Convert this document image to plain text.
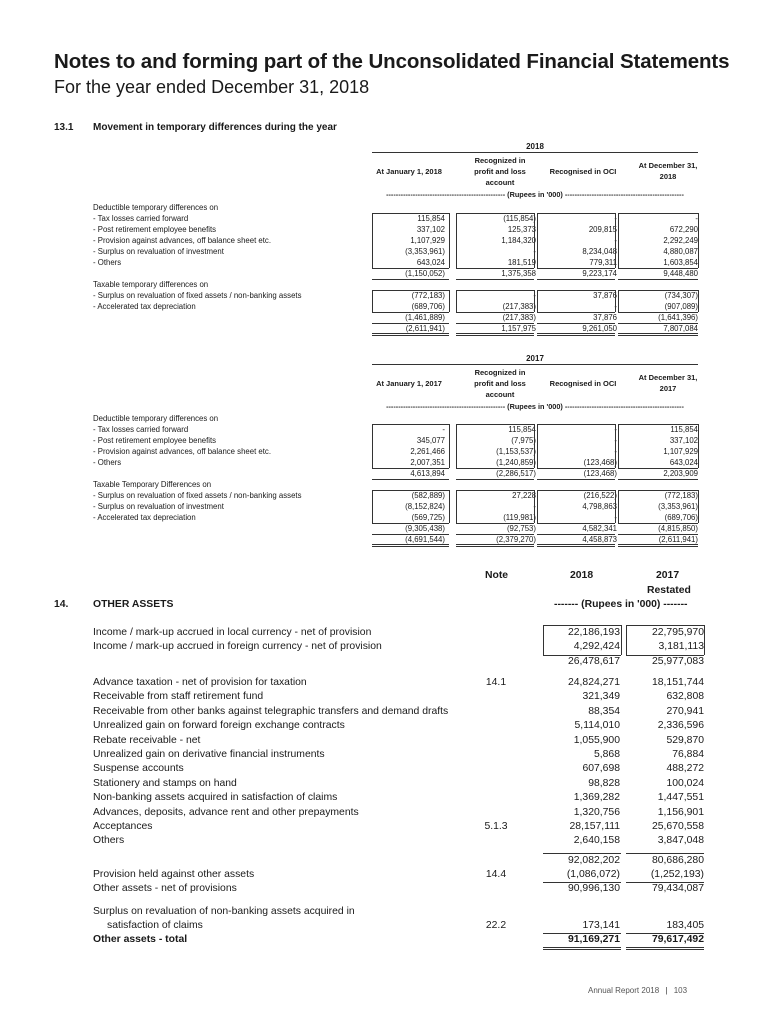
Notes to and forming part of the Unconsolidated Financial Statements
For the year ended December 31, 2018
13.1 Movement in temporary differences during the year
2018
At January 1, 2018
Recognized in
profit and loss
account
Recognised in OCI
At December 31,
2018
------------------------------------------------- (Rupees in '000) -------------------------------------------------
Deductible temporary differences on
- Tax losses carried forward	115,854	(115,854)	-	-
- Post retirement employee benefits	337,102	125,373	209,815	672,290
- Provision against advances, off balance sheet etc.	1,107,929	1,184,320	-	2,292,249
- Surplus on revaluation of investment	(3,353,961)	-	8,234,048	4,880,087
- Others	643,024	181,519	779,311	1,603,854
(1,150,052)	1,375,358	9,223,174	9,448,480
Taxable temporary differences on
- Surplus on revaluation of fixed assets / non-banking assets	(772,183)	-	37,876	(734,307)
- Accelerated tax depreciation	(689,706)	(217,383)	-	(907,089)
(1,461,889)	(217,383)	37,876	(1,641,396)
(2,611,941)	1,157,975	9,261,050	7,807,084
2017
At January 1, 2017
Recognized in
profit and loss
account
Recognised in OCI
At December 31,
2017
------------------------------------------------- (Rupees in '000) -------------------------------------------------
Deductible temporary differences on
- Tax losses carried forward	-	115,854	-	115,854
- Post retirement employee benefits	345,077	(7,975)	-	337,102
- Provision against advances, off balance sheet etc.	2,261,466	(1,153,537)	-	1,107,929
- Others	2,007,351	(1,240,859)	(123,468)	643,024
4,613,894	(2,286,517)	(123,468)	2,203,909
Taxable Temporary Differences on
- Surplus on revaluation of fixed assets / non-banking assets	(582,889)	27,228	(216,522)	(772,183)
- Surplus on revaluation of investment	(8,152,824)	-	4,798,863	(3,353,961)
- Accelerated tax depreciation	(569,725)	(119,981)	-	(689,706)
(9,305,438)	(92,753)	4,582,341	(4,815,850)
(4,691,544)	(2,379,270)	4,458,873	(2,611,941)
Note	2018	2017
Restated
14. OTHER ASSETS	------- (Rupees in '000) -------
Income / mark-up accrued in local currency - net of provision	22,186,193	22,795,970
Income / mark-up accrued in foreign currency - net of provision	4,292,424	3,181,113
26,478,617	25,977,083
Advance taxation - net of provision for taxation	14.1	24,824,271	18,151,744
Receivable from staff retirement fund	321,349	632,808
Receivable from other banks against telegraphic transfers and demand drafts	88,354	270,941
Unrealized gain on forward foreign exchange contracts	5,114,010	2,336,596
Rebate receivable - net	1,055,900	529,870
Unrealized gain on derivative financial instruments	5,868	76,884
Suspense accounts	607,698	488,272
Stationery and stamps on hand	98,828	100,024
Non-banking assets acquired in satisfaction of claims	1,369,282	1,447,551
Advances, deposits, advance rent and other prepayments	1,320,756	1,156,901
Acceptances	5.1.3	28,157,111	25,670,558
Others	2,640,158	3,847,048
92,082,202	80,686,280
Provision held against other assets	14.4	(1,086,072)	(1,252,193)
Other assets - net of provisions	90,996,130	79,434,087
Surplus on revaluation of non-banking assets acquired in
satisfaction of claims	22.2	173,141	183,405
Other assets - total	91,169,271	79,617,492
Annual Report 2018 | 103
